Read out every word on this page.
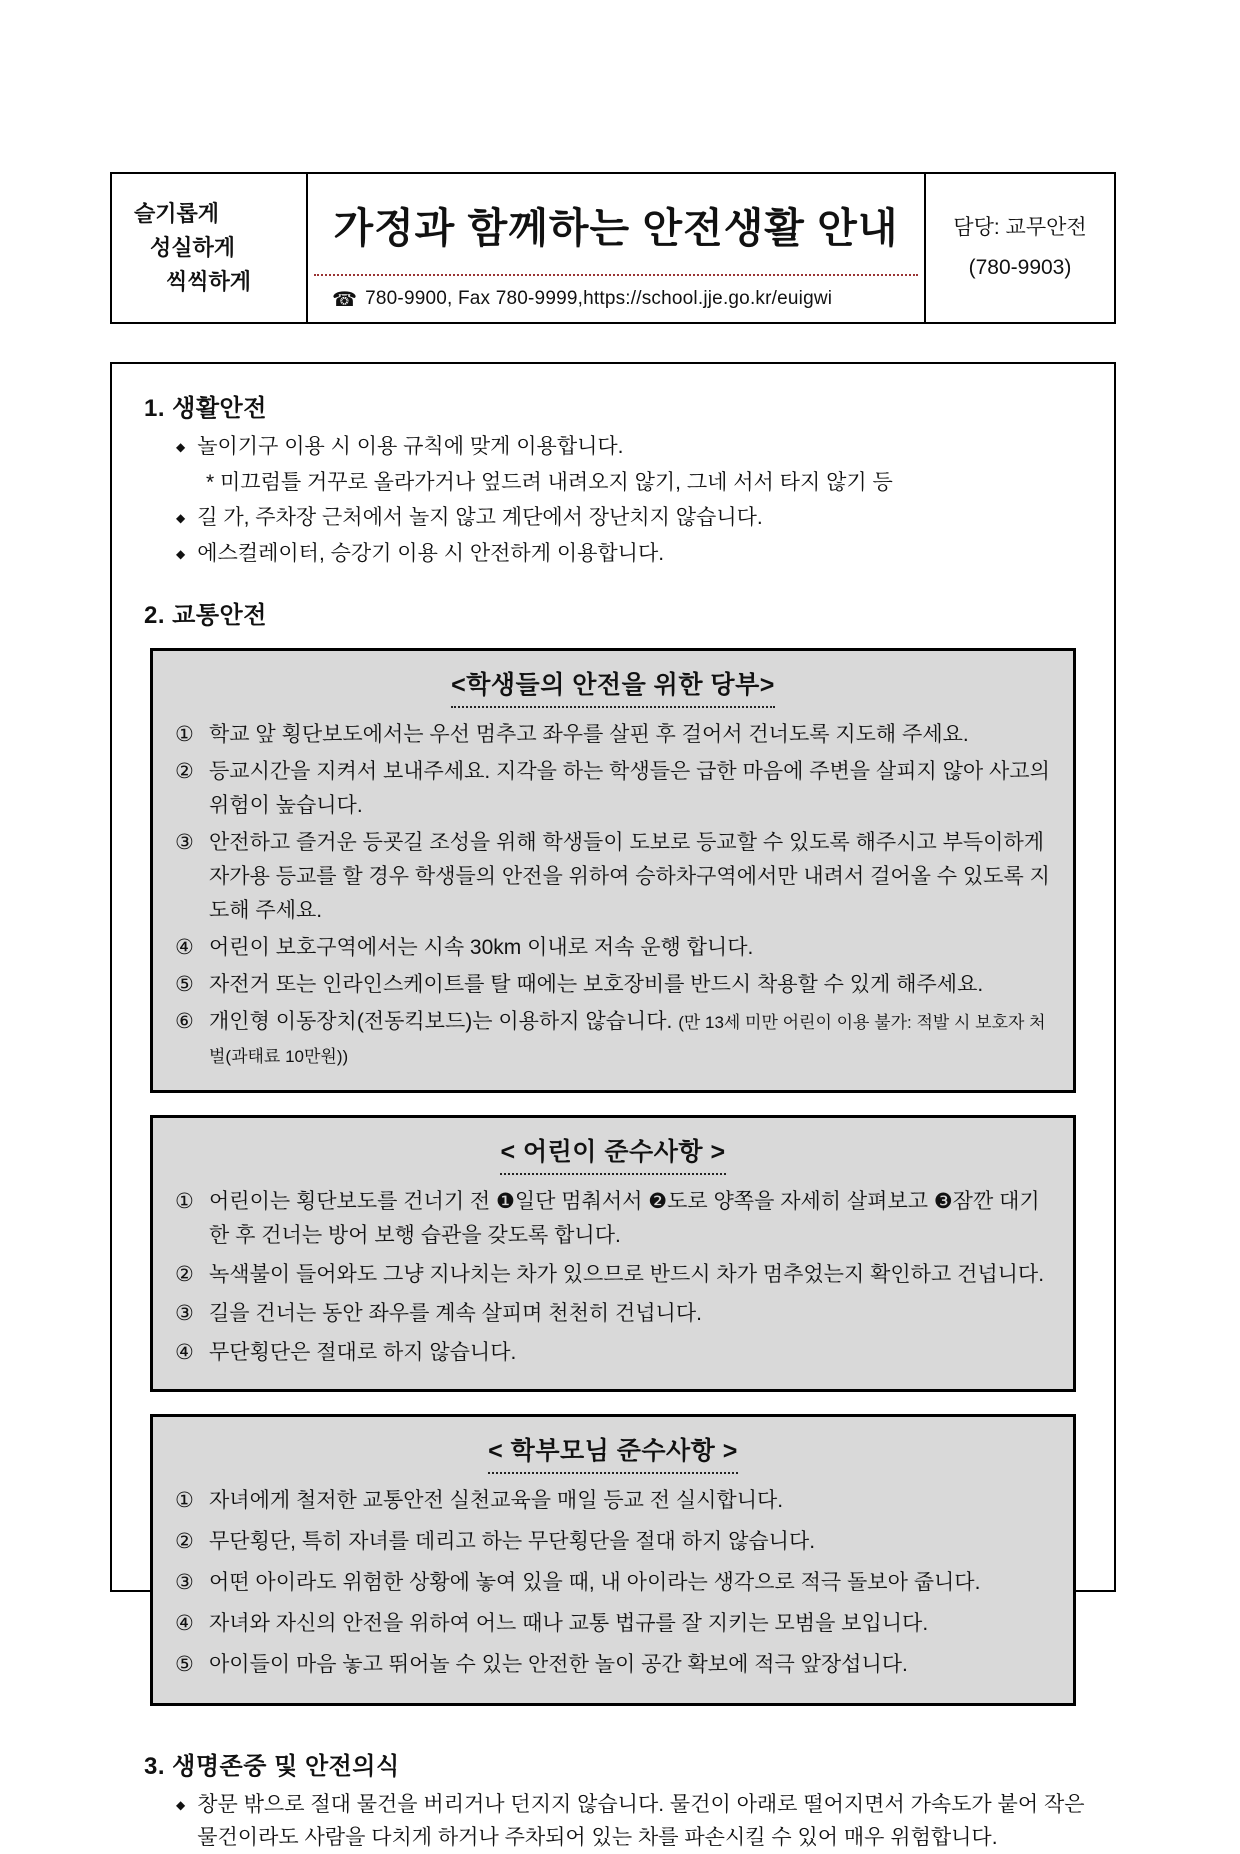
슬기롭게
성실하게
씩씩하게
가정과 함께하는 안전생활 안내
☎ 780-9900, Fax 780-9999,https://school.jje.go.kr/euigwi
담당: 교무안전
(780-9903)
1. 생활안전
◆ 놀이기구 이용 시 이용 규칙에 맞게 이용합니다.
* 미끄럼틀 거꾸로 올라가거나 엎드려 내려오지 않기, 그네 서서 타지 않기 등
◆ 길 가, 주차장 근처에서 놀지 않고 계단에서 장난치지 않습니다.
◆ 에스컬레이터, 승강기 이용 시 안전하게 이용합니다.
2. 교통안전
<학생들의 안전을 위한 당부>
① 학교 앞 횡단보도에서는 우선 멈추고 좌우를 살핀 후 걸어서 건너도록 지도해 주세요.
② 등교시간을 지켜서 보내주세요. 지각을 하는 학생들은 급한 마음에 주변을 살피지 않아 사고의 위험이 높습니다.
③ 안전하고 즐거운 등굣길 조성을 위해 학생들이 도보로 등교할 수 있도록 해주시고 부득이하게 자가용 등교를 할 경우 학생들의 안전을 위하여 승하차구역에서만 내려서 걸어올 수 있도록 지도해 주세요.
④ 어린이 보호구역에서는 시속 30km 이내로 저속 운행 합니다.
⑤ 자전거 또는 인라인스케이트를 탈 때에는 보호장비를 반드시 착용할 수 있게 해주세요.
⑥ 개인형 이동장치(전동킥보드)는 이용하지 않습니다. (만 13세 미만 어린이 이용 불가: 적발 시 보호자 처벌(과태료 10만원))
< 어린이 준수사항 >
① 어린이는 횡단보도를 건너기 전 ❶일단 멈춰서서 ❷도로 양쪽을 자세히 살펴보고 ❸잠깐 대기한 후 건너는 방어 보행 습관을 갖도록 합니다.
② 녹색불이 들어와도 그냥 지나치는 차가 있으므로 반드시 차가 멈추었는지 확인하고 건넙니다.
③ 길을 건너는 동안 좌우를 계속 살피며 천천히 건넙니다.
④ 무단횡단은 절대로 하지 않습니다.
< 학부모님 준수사항 >
① 자녀에게 철저한 교통안전 실천교육을 매일 등교 전 실시합니다.
② 무단횡단, 특히 자녀를 데리고 하는 무단횡단을 절대 하지 않습니다.
③ 어떤 아이라도 위험한 상황에 놓여 있을 때, 내 아이라는 생각으로 적극 돌보아 줍니다.
④ 자녀와 자신의 안전을 위하여 어느 때나 교통 법규를 잘 지키는 모범을 보입니다.
⑤ 아이들이 마음 놓고 뛰어놀 수 있는 안전한 놀이 공간 확보에 적극 앞장섭니다.
3. 생명존중 및 안전의식
◆ 창문 밖으로 절대 물건을 버리거나 던지지 않습니다. 물건이 아래로 떨어지면서 가속도가 붙어 작은 물건이라도 사람을 다치게 하거나 주차되어 있는 차를 파손시킬 수 있어 매우 위험합니다.
